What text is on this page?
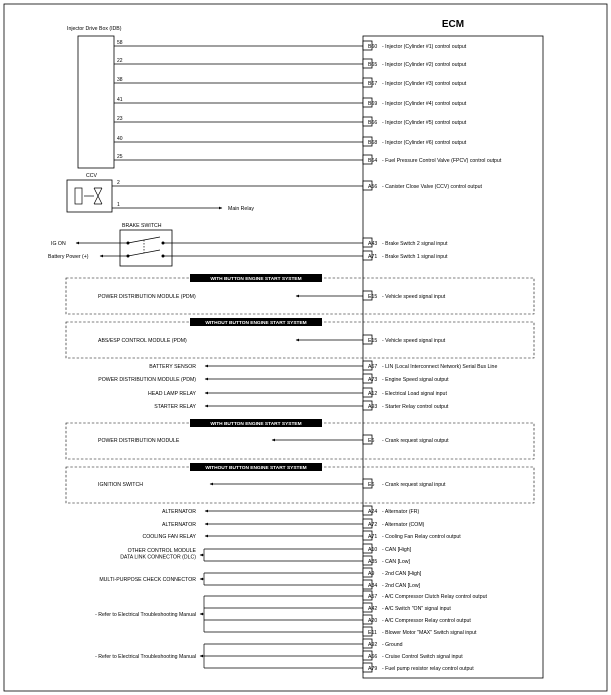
ECM
Injector Drive Box (IDB)
58
B60 - Injector (Cylinder #1) control output
22
B65 - Injector (Cylinder #2) control output
38
B67 - Injector (Cylinder #3) control output
41
B69 - Injector (Cylinder #4) control output
23
B66 - Injector (Cylinder #5) control output
40
B68 - Injector (Cylinder #6) control output
25
B64 - Fuel Pressure Control Valve (FPCV) control output
CCV
2
1
Main Relay
A56 - Canister Close Valve (CCV) control output
BRAKE SWITCH
IG ON
Battery Power (+)
A43 - Brake Switch 2 signal input
A71 - Brake Switch 1 signal input
WITH BUTTON ENGINE START SYSTEM
POWER DISTRIBUTION MODULE (PDM)	E15 - Vehicle speed signal input
WITHOUT BUTTON ENGINE START SYSTEM
ABS/ESP CONTROL MODULE (PDM)	E15 - Vehicle speed signal input
WITH BUTTON ENGINE START SYSTEM
POWER DISTRIBUTION MODULE	E6 - Crank request signal output
WITHOUT BUTTON ENGINE START SYSTEM
IGNITION SWITCH	E6 - Crank request signal input
BATTERY SENSOR	A67 - LIN (Local Interconnect Network) Serial Bus Line
POWER DISTRIBUTION MODULE (PDM)	A73 - Engine Speed signal output
HEAD LAMP RELAY	A12 - Electrical Load signal input
STARTER RELAY	A93 - Starter Relay control output
ALTERNATOR	A24 - Alternator (FR)
ALTERNATOR	A72 - Alternator (COM)
COOLING FAN RELAY	A71 - Cooling Fan Relay control output
A10 - CAN [High]
A35 - CAN [Low]
OTHER CONTROL MODULE
DATA LINK CONNECTOR (DLC)
A9 - 2nd CAN [High]
A34 - 2nd CAN [Low]
MULTI-PURPOSE CHECK CONNECTOR
A57 - A/C Compressor Clutch Relay control output
A42 - A/C Switch "ON" signal input
A20 - A/C Compressor Relay control output
E11 - Blower Motor "MAX" Switch signal input
- Refer to Electrical Troubleshooting Manual
A92 - Ground
A66 - Cruise Control Switch signal input
A79 - Fuel pump resistor relay control output
- Refer to Electrical Troubleshooting Manual
